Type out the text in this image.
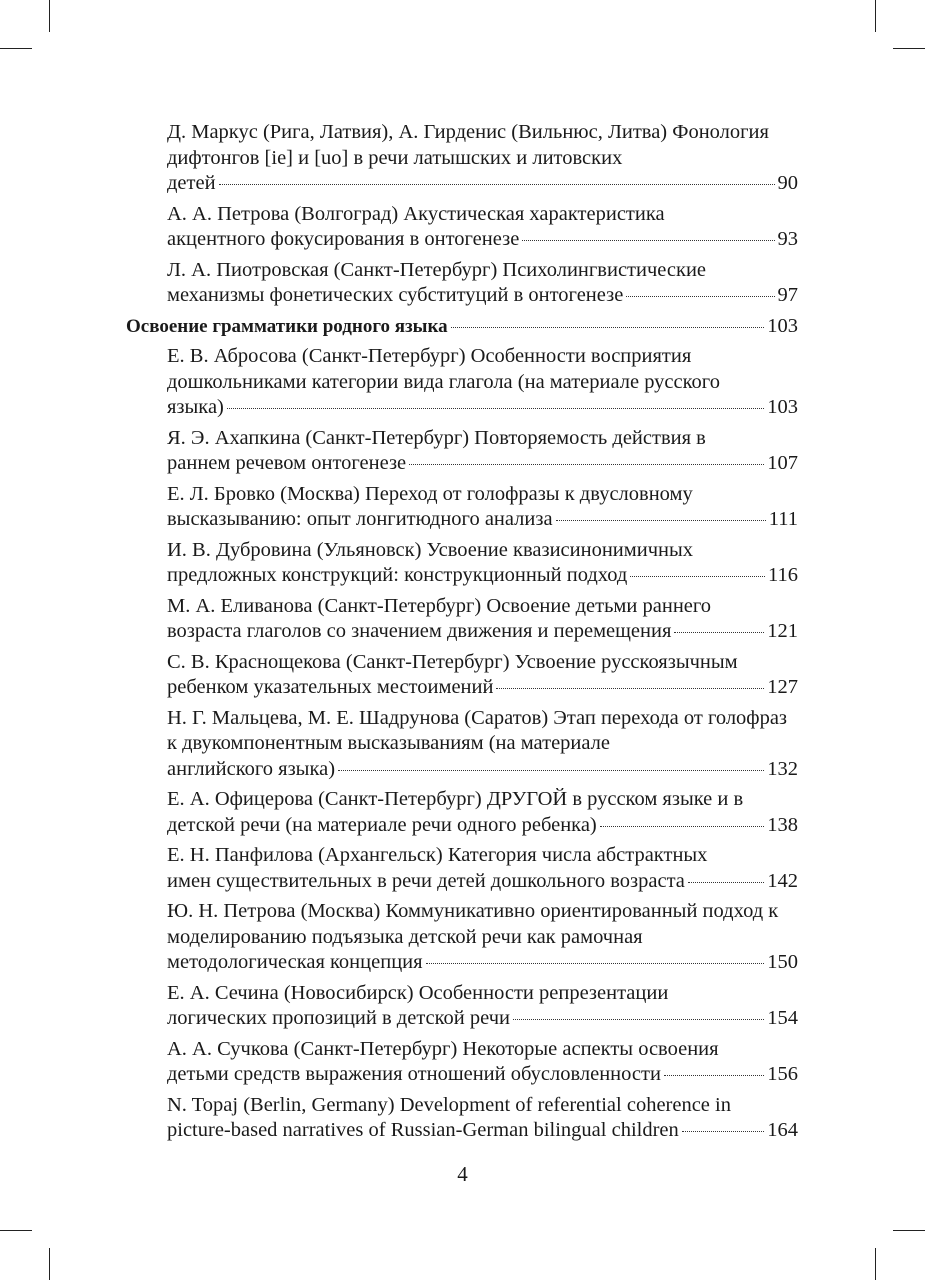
Д. Маркус (Рига, Латвия), А. Гирденис (Вильнюс, Литва) Фонология дифтонгов [ie] и [uo] в речи латышских и литовских
детей	90
А. А. Петрова (Волгоград) Акустическая характеристика
акцентного фокусирования в онтогенезе	93
Л. А. Пиотровская (Санкт-Петербург) Психолингвистические
механизмы фонетических субституций в онтогенезе	97
Освоение грамматики родного языка	103
Е. В. Абросова (Санкт-Петербург) Особенности восприятия дошкольниками категории вида глагола (на материале русского
языка)	103
Я. Э. Ахапкина (Санкт-Петербург) Повторяемость действия в
раннем речевом онтогенезе	107
Е. Л. Бровко (Москва) Переход от голофразы к двусловному
высказыванию: опыт лонгитюдного анализа	111
И. В. Дубровина (Ульяновск) Усвоение квазисинонимичных
предложных конструкций: конструкционный подход	116
М. А. Еливанова (Санкт-Петербург) Освоение детьми раннего
возраста глаголов со значением движения и перемещения	121
С. В. Краснощекова (Санкт-Петербург) Усвоение русскоязычным
ребенком указательных местоимений	127
Н. Г. Мальцева, М. Е. Шадрунова (Саратов) Этап перехода от голофраз к двукомпонентным высказываниям (на материале
английского языка)	132
Е. А. Офицерова (Санкт-Петербург) ДРУГОЙ в русском языке и в
детской речи (на материале речи одного ребенка)	138
Е. Н. Панфилова (Архангельск) Категория числа абстрактных
имен существительных в речи детей дошкольного возраста	142
Ю. Н. Петрова (Москва) Коммуникативно ориентированный подход к моделированию подъязыка детской речи как рамочная
методологическая концепция	150
Е. А. Сечина (Новосибирск) Особенности репрезентации
логических пропозиций в детской речи	154
А. А. Сучкова (Санкт-Петербург) Некоторые аспекты освоения
детьми средств выражения отношений обусловленности	156
N. Topaj (Berlin, Germany) Development of referential coherence in
picture-based narratives of Russian-German bilingual children	164
4
